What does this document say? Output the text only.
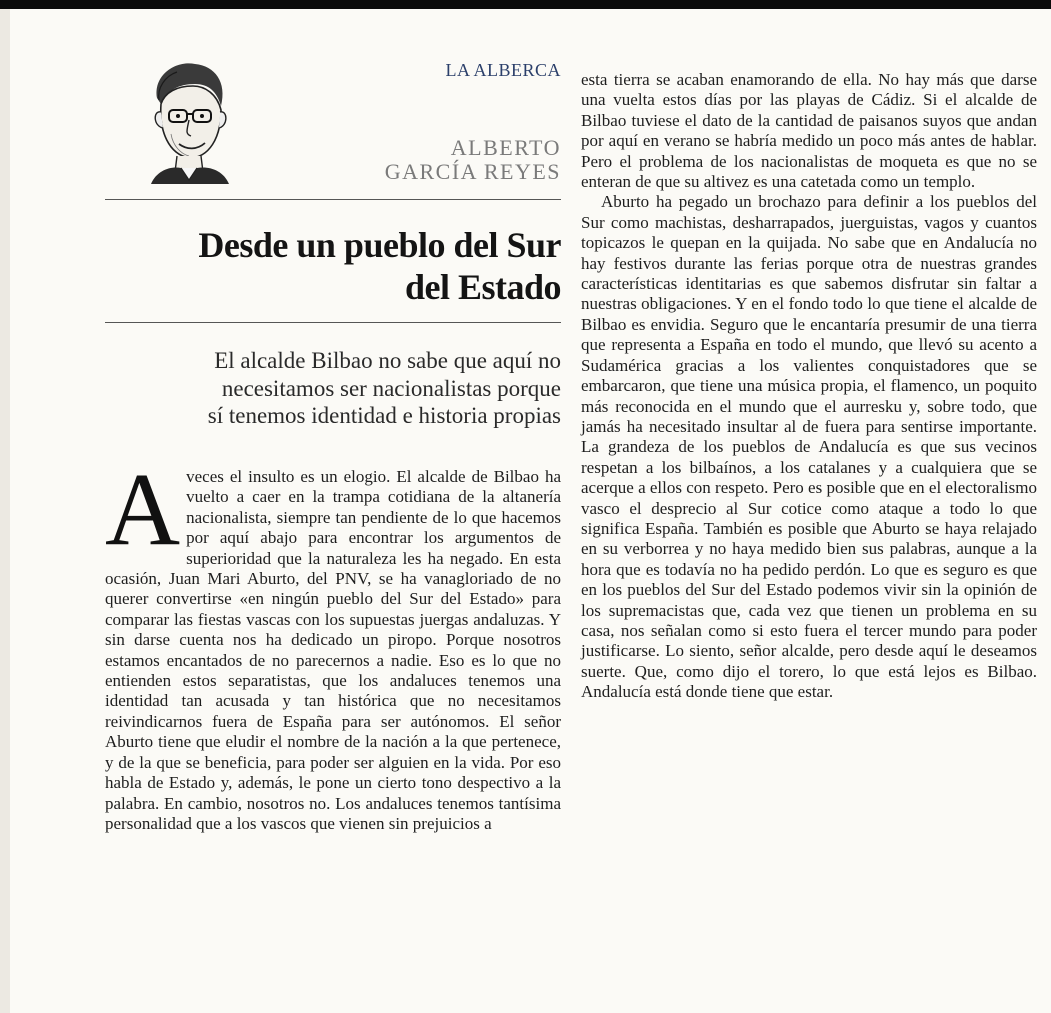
LA ALBERCA
ALBERTO
GARCÍA REYES
Desde un pueblo del Sur
del Estado
El alcalde Bilbao no sabe que aquí no
necesitamos ser nacionalistas porque
sí tenemos identidad e historia propias
A veces el insulto es un elogio. El alcalde de Bilbao ha vuelto a caer en la trampa cotidiana de la altanería nacionalista, siempre tan pendiente de lo que hacemos por aquí abajo para encontrar los argumentos de superioridad que la naturaleza les ha negado. En esta ocasión, Juan Mari Aburto, del PNV, se ha vanagloriado de no querer convertirse «en ningún pueblo del Sur del Estado» para comparar las fiestas vascas con los supuestas juergas andaluzas. Y sin darse cuenta nos ha dedicado un piropo. Porque nosotros estamos encantados de no parecernos a nadie. Eso es lo que no entienden estos separatistas, que los andaluces tenemos una identidad tan acusada y tan histórica que no necesitamos reivindicarnos fuera de España para ser autónomos. El señor Aburto tiene que eludir el nombre de la nación a la que pertenece, y de la que se beneficia, para poder ser alguien en la vida. Por eso habla de Estado y, además, le pone un cierto tono despectivo a la palabra. En cambio, nosotros no. Los andaluces tenemos tantísima personalidad que a los vascos que vienen sin prejuicios a

esta tierra se acaban enamorando de ella. No hay más que darse una vuelta estos días por las playas de Cádiz. Si el alcalde de Bilbao tuviese el dato de la cantidad de paisanos suyos que andan por aquí en verano se habría medido un poco más antes de hablar. Pero el problema de los nacionalistas de moqueta es que no se enteran de que su altivez es una catetada como un templo.

Aburto ha pegado un brochazo para definir a los pueblos del Sur como machistas, desharrapados, juerguistas, vagos y cuantos topicazos le quepan en la quijada. No sabe que en Andalucía no hay festivos durante las ferias porque otra de nuestras grandes características identitarias es que sabemos disfrutar sin faltar a nuestras obligaciones. Y en el fondo todo lo que tiene el alcalde de Bilbao es envidia. Seguro que le encantaría presumir de una tierra que representa a España en todo el mundo, que llevó su acento a Sudamérica gracias a los valientes conquistadores que se embarcaron, que tiene una música propia, el flamenco, un poquito más reconocida en el mundo que el aurresku y, sobre todo, que jamás ha necesitado insultar al de fuera para sentirse importante. La grandeza de los pueblos de Andalucía es que sus vecinos respetan a los bilbaínos, a los catalanes y a cualquiera que se acerque a ellos con respeto. Pero es posible que en el electoralismo vasco el desprecio al Sur cotice como ataque a todo lo que significa España. También es posible que Aburto se haya relajado en su verborrea y no haya medido bien sus palabras, aunque a la hora que es todavía no ha pedido perdón. Lo que es seguro es que en los pueblos del Sur del Estado podemos vivir sin la opinión de los supremacistas que, cada vez que tienen un problema en su casa, nos señalan como si esto fuera el tercer mundo para poder justificarse. Lo siento, señor alcalde, pero desde aquí le deseamos suerte. Que, como dijo el torero, lo que está lejos es Bilbao. Andalucía está donde tiene que estar.
